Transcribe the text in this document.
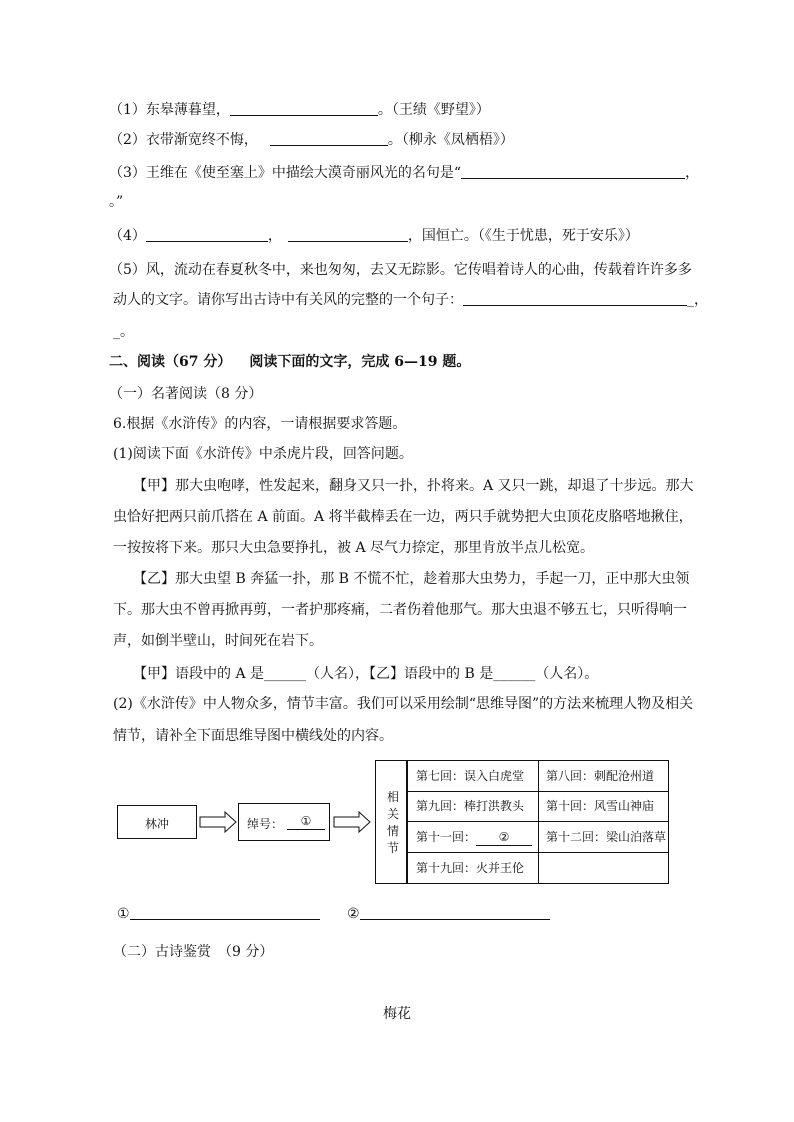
（1）东皋薄暮望，	。（王绩《野望》）
（2）衣带渐宽终不悔，	。（柳永《凤栖梧》）
（3）王维在《使至塞上》中描绘大漠奇丽风光的名句是“	，
。”
（4）	，	，国恒亡。（《生于忧患，死于安乐》）
（5）风，流动在春夏秋冬中，来也匆匆，去又无踪影。它传唱着诗人的心曲，传载着许许多多
动人的文字。请你写出古诗中有关风的完整的一个句子：	_，
_。
二、阅读（67 分） 阅读下面的文字，完成 6—19 题。
（一）名著阅读（8 分）
6.根据《水浒传》的内容，一请根据要求答题。
(1)阅读下面《水浒传》中杀虎片段，回答问题。
【甲】那大虫咆哮，性发起来，翻身又只一扑，扑将来。A 又只一跳，却退了十步远。那大
虫恰好把两只前爪搭在 A 前面。A 将半截棒丢在一边，两只手就势把大虫顶花皮胳嗒地揪住，
一按按将下来。那只大虫急要挣扎，被 A 尽气力捺定，那里肯放半点儿松宽。
【乙】那大虫望 B 奔猛一扑，那 B 不慌不忙，趁着那大虫势力，手起一刀，正中那大虫领
下。那大虫不曾再掀再剪，一者护那疼痛，二者伤着他那气。那大虫退不够五七，只听得响一
声，如倒半壁山，时间死在岩下。
【甲】语段中的 A 是______（人名），【乙】语段中的 B 是______（人名）。
(2)《水浒传》中人物众多，情节丰富。我们可以采用绘制“思维导图”的方法来梳理人物及相关
情节，请补全下面思维导图中横线处的内容。
林冲	绰号：	①
相
关
情
节
第七回：误入白虎堂 第八回：刺配沧州道
第九回：棒打洪教头 第十回：风雪山神庙
第十一回：	②	第十二回：梁山泊落草
第十九回：火并王伦
①	②
（二）古诗鉴赏　（9 分）
梅花
